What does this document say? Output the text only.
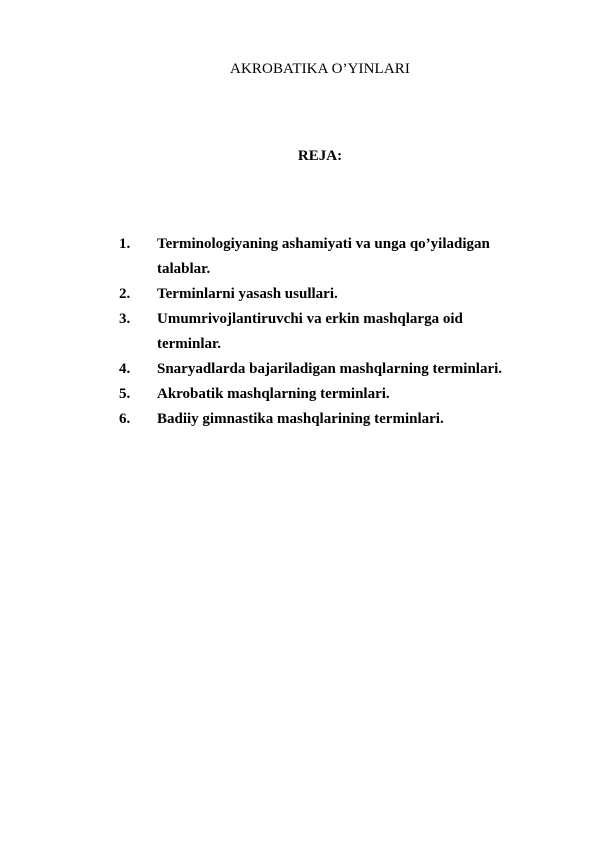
AKROBATIKA O’YINLARI
REJA:
1.	Terminologiyaning ashamiyati va unga qo’yiladigan talablar.
2.	Terminlarni yasash usullari.
3.	Umumrivojlantiruvchi va erkin mashqlarga oid terminlar.
4.	Snaryadlarda bajariladigan mashqlarning terminlari.
5.	Akrobatik mashqlarning terminlari.
6.	Badiiy gimnastika mashqlarining terminlari.
